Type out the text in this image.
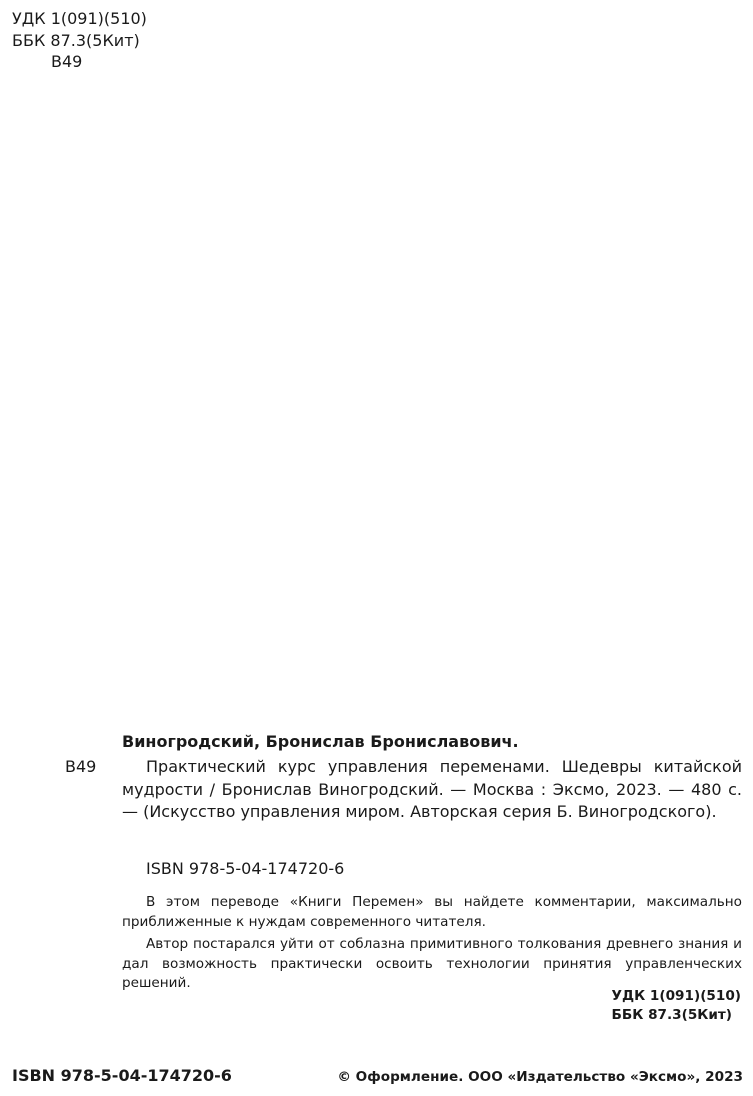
УДК 1(091)(510)
ББК 87.3(5Кит)
В49
Виногродский, Бронислав Брониславович.
В49	Практический курс управления переменами. Шедевры китайской мудрости / Бронислав Виногродский. — Москва : Эксмо, 2023. — 480 с. — (Искусство управления миром. Авторская серия Б. Виногродского).

ISBN 978-5-04-174720-6

В этом переводе «Книги Перемен» вы найдете комментарии, максимально приближенные к нуждам современного читателя.

Автор постарался уйти от соблазна примитивного толкования древнего знания и дал возможность практически освоить технологии принятия управленческих решений.

УДК 1(091)(510)
ББК 87.3(5Кит)
ISBN 978-5-04-174720-6	© Оформление. ООО «Издательство «Эксмо», 2023
